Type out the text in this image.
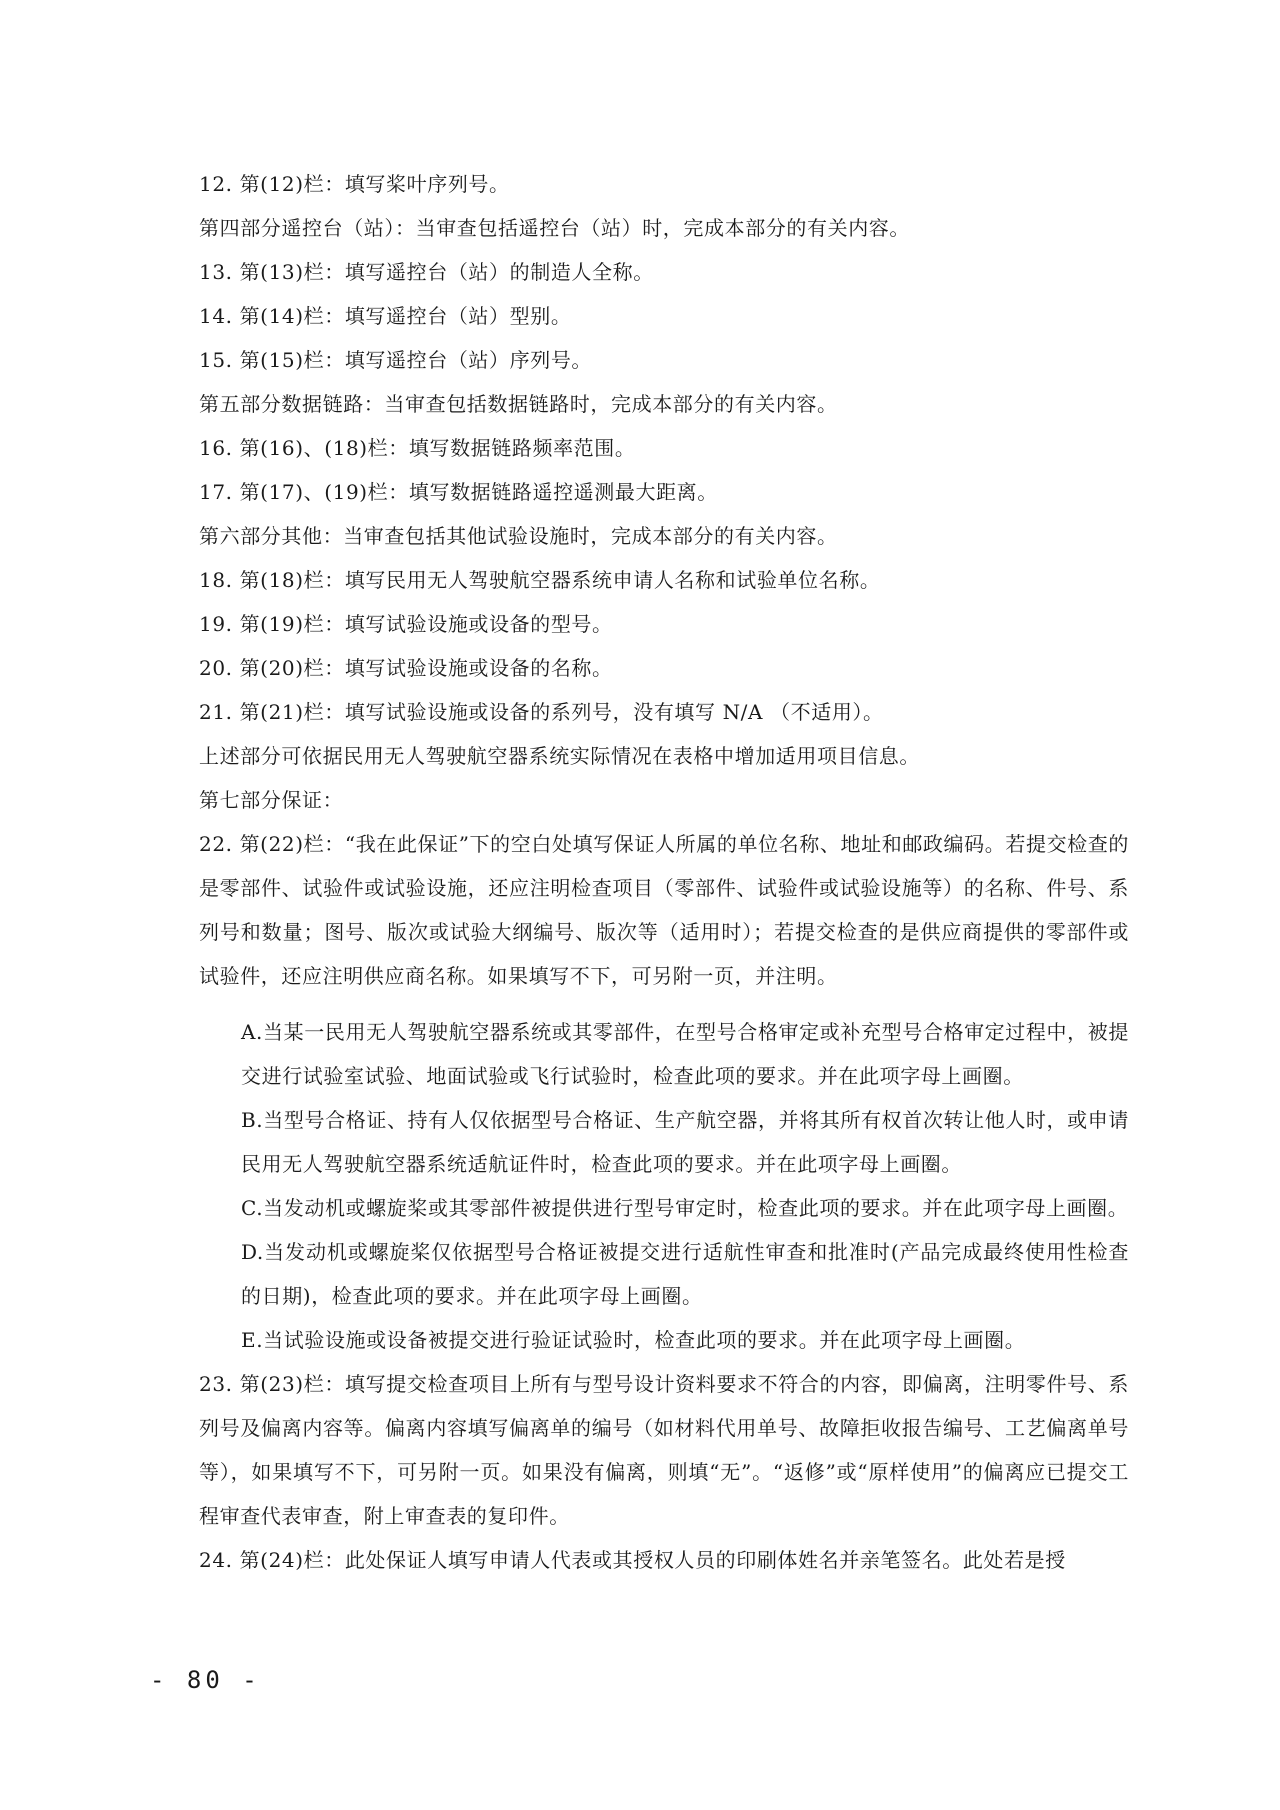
12. 第(12)栏：填写桨叶序列号。
第四部分遥控台（站）：当审查包括遥控台（站）时，完成本部分的有关内容。
13. 第(13)栏：填写遥控台（站）的制造人全称。
14. 第(14)栏：填写遥控台（站）型别。
15. 第(15)栏：填写遥控台（站）序列号。
第五部分数据链路：当审查包括数据链路时，完成本部分的有关内容。
16. 第(16)、(18)栏：填写数据链路频率范围。
17. 第(17)、(19)栏：填写数据链路遥控遥测最大距离。
第六部分其他：当审查包括其他试验设施时，完成本部分的有关内容。
18. 第(18)栏：填写民用无人驾驶航空器系统申请人名称和试验单位名称。
19. 第(19)栏：填写试验设施或设备的型号。
20. 第(20)栏：填写试验设施或设备的名称。
21. 第(21)栏：填写试验设施或设备的系列号，没有填写 N/A （不适用）。
上述部分可依据民用无人驾驶航空器系统实际情况在表格中增加适用项目信息。
第七部分保证：
22. 第(22)栏：“我在此保证”下的空白处填写保证人所属的单位名称、地址和邮政编码。若提交检查的是零部件、试验件或试验设施，还应注明检查项目（零部件、试验件或试验设施等）的名称、件号、系列号和数量；图号、版次或试验大纲编号、版次等（适用时）；若提交检查的是供应商提供的零部件或试验件，还应注明供应商名称。如果填写不下，可另附一页，并注明。
A.当某一民用无人驾驶航空器系统或其零部件，在型号合格审定或补充型号合格审定过程中，被提交进行试验室试验、地面试验或飞行试验时，检查此项的要求。并在此项字母上画圈。
B.当型号合格证、持有人仅依据型号合格证、生产航空器，并将其所有权首次转让他人时，或申请民用无人驾驶航空器系统适航证件时，检查此项的要求。并在此项字母上画圈。
C.当发动机或螺旋桨或其零部件被提供进行型号审定时，检查此项的要求。并在此项字母上画圈。
D.当发动机或螺旋桨仅依据型号合格证被提交进行适航性审查和批准时(产品完成最终使用性检查的日期)，检查此项的要求。并在此项字母上画圈。
E.当试验设施或设备被提交进行验证试验时，检查此项的要求。并在此项字母上画圈。
23. 第(23)栏：填写提交检查项目上所有与型号设计资料要求不符合的内容，即偏离，注明零件号、系列号及偏离内容等。偏离内容填写偏离单的编号（如材料代用单号、故障拒收报告编号、工艺偏离单号等），如果填写不下，可另附一页。如果没有偏离，则填“无”。“返修”或“原样使用”的偏离应已提交工程审查代表审查，附上审查表的复印件。
24. 第(24)栏：此处保证人填写申请人代表或其授权人员的印刷体姓名并亲笔签名。此处若是授
- 80 -
